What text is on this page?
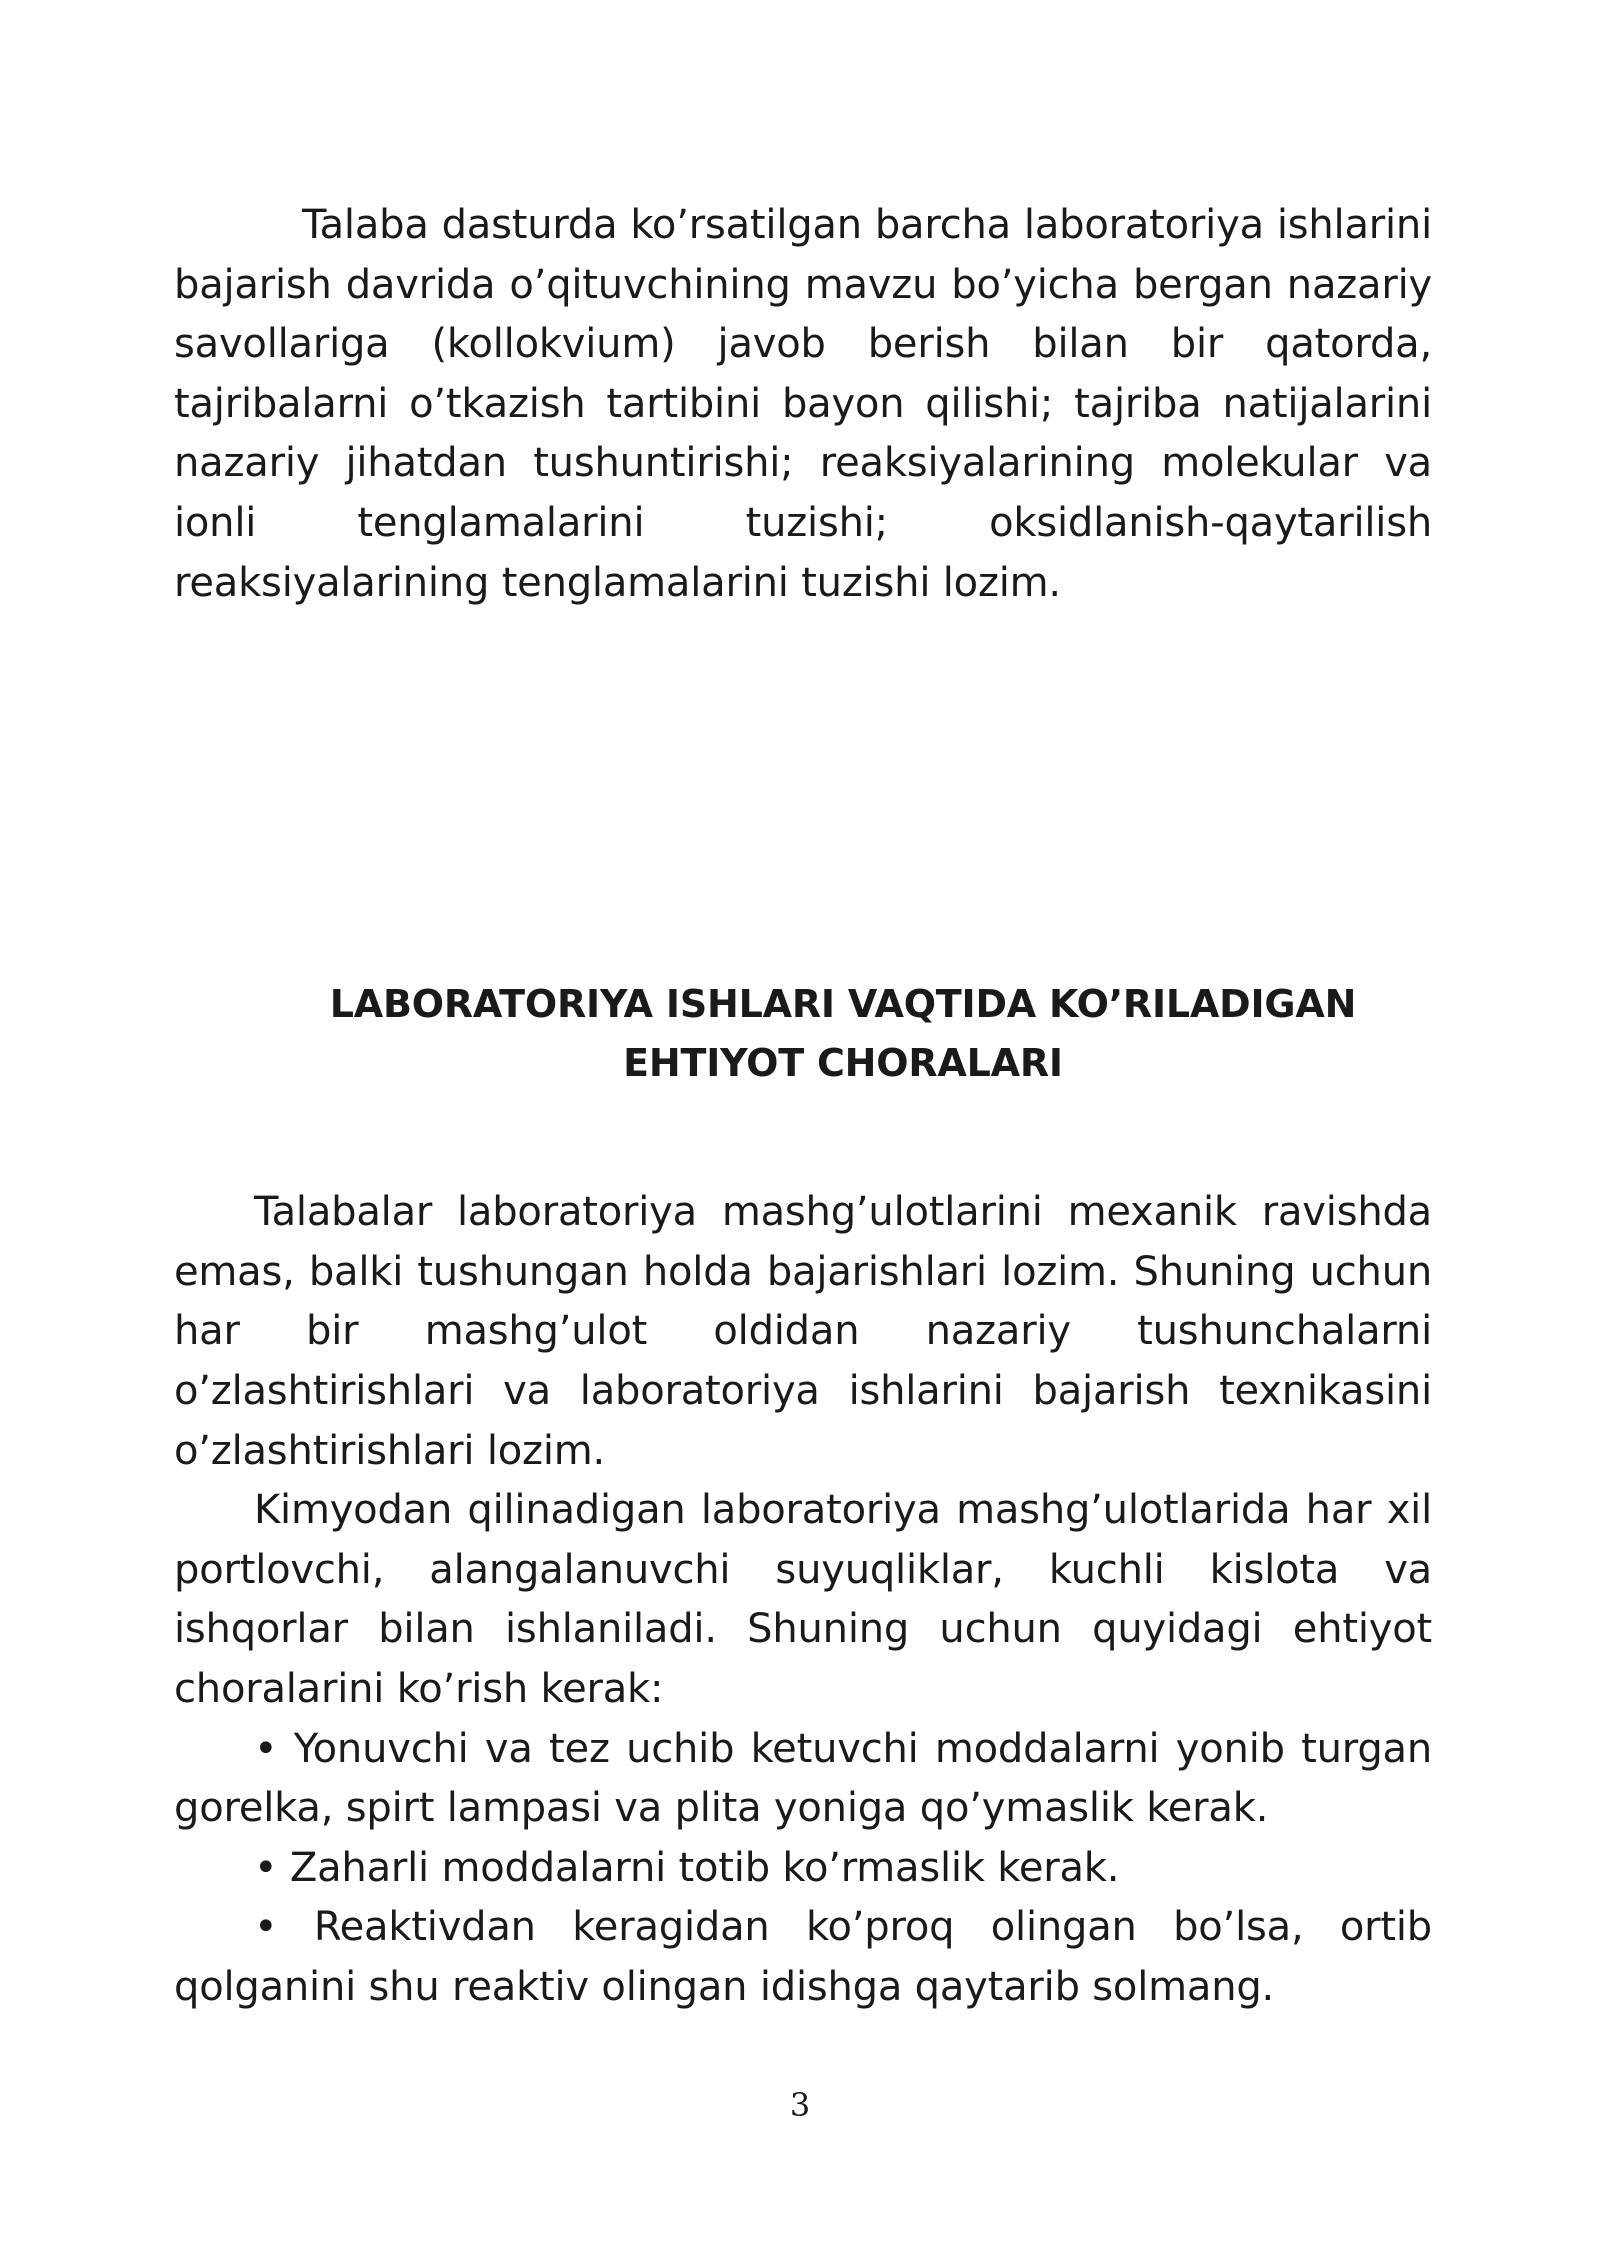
Talaba dasturda ko’rsatilgan barcha laboratoriya ishlarini bajarish davrida o’qituvchining mavzu bo’yicha bergan nazariy savollariga (kollokvium) javob berish bilan bir qatorda, tajribalarni o’tkazish tartibini bayon qilishi; tajriba natijalarini nazariy jihatdan tushuntirishi; reaksiyalarining molekular va ionli tenglamalarini tuzishi; oksidlanish-qaytarilish reaksiyalarining tenglamalarini tuzishi lozim.

LABORATORIYA ISHLARI VAQTIDA KO’RILADIGAN
EHTIYOT CHORALARI

Talabalar laboratoriya mashg’ulotlarini mexanik ravishda emas, balki tushungan holda bajarishlari lozim. Shuning uchun har bir mashg’ulot oldidan nazariy tushunchalarni o’zlashtirishlari va laboratoriya ishlarini bajarish texnikasini o’zlashtirishlari lozim.

Kimyodan qilinadigan laboratoriya mashg’ulotlarida har xil portlovchi, alangalanuvchi suyuqliklar, kuchli kislota va ishqorlar bilan ishlaniladi. Shuning uchun quyidagi ehtiyot choralarini ko’rish kerak:

• Yonuvchi va tez uchib ketuvchi moddalarni yonib turgan gorelka, spirt lampasi va plita yoniga qo’ymaslik kerak.

• Zaharli moddalarni totib ko’rmaslik kerak.

• Reaktivdan keragidan ko’proq olingan bo’lsa, ortib qolganini shu reaktiv olingan idishga qaytarib solmang.

3
